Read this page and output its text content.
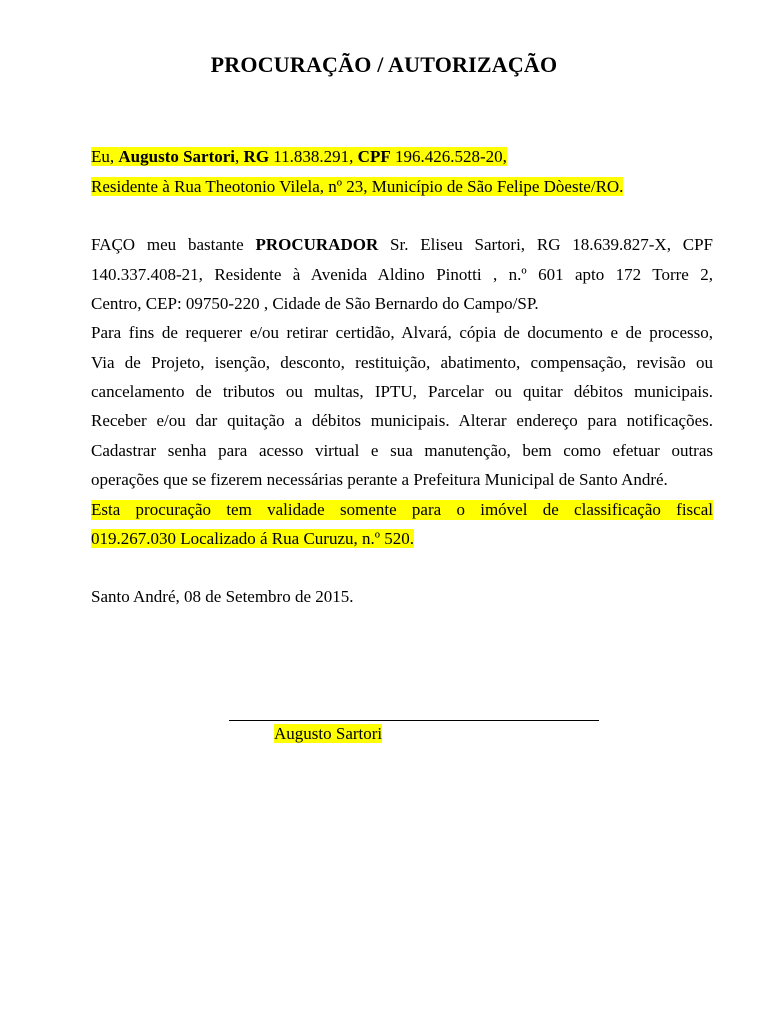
PROCURAÇÃO / AUTORIZAÇÃO
Eu, Augusto Sartori, RG 11.838.291, CPF 196.426.528-20,
Residente à Rua Theotonio Vilela, nº 23, Município de São Felipe Dòeste/RO.
FAÇO meu bastante PROCURADOR Sr. Eliseu Sartori, RG 18.639.827-X, CPF
140.337.408-21, Residente à Avenida Aldino Pinotti , n.º 601 apto 172 Torre 2,
Centro, CEP: 09750-220 , Cidade de São Bernardo do Campo/SP.
Para fins de requerer e/ou retirar certidão, Alvará, cópia de documento e de processo,
Via de Projeto, isenção, desconto, restituição, abatimento, compensação, revisão ou
cancelamento de tributos ou multas, IPTU, Parcelar ou quitar débitos municipais.
Receber e/ou dar quitação a débitos municipais. Alterar endereço para notificações.
Cadastrar senha para acesso virtual e sua manutenção, bem como efetuar outras
operações que se fizerem necessárias perante a Prefeitura Municipal de Santo André.
Esta procuração tem validade somente para o imóvel de classificação fiscal
019.267.030 Localizado á Rua Curuzu, n.º 520.
Santo André, 08 de Setembro de 2015.
Augusto Sartori
